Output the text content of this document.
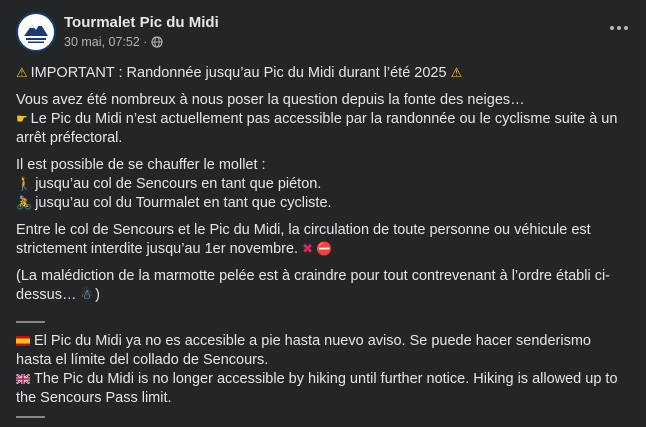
Tourmalet Pic du Midi
30 mai, 07:52
·

⚠ IMPORTANT : Randonnée jusqu’au Pic du Midi durant l’été 2025 ⚠

Vous avez été nombreux à nous poser la question depuis la fonte des neiges…
☛ Le Pic du Midi n’est actuellement pas accessible par la randonnée ou le cyclisme suite à un arrêt préfectoral.

Il est possible de se chauffer le mollet :
🚶 jusqu’au col de Sencours en tant que piéton.
🚴 jusqu’au col du Tourmalet en tant que cycliste.

Entre le col de Sencours et le Pic du Midi, la circulation de toute personne ou véhicule est strictement interdite jusqu’au 1er novembre. ✖ ⛔

(La malédiction de la marmotte pelée est à craindre pour tout contrevenant à l’ordre établi ci-dessus… ☃ )

——
El Pic du Midi ya no es accesible a pie hasta nuevo aviso. Se puede hacer senderismo hasta el límite del collado de Sencours.
The Pic du Midi is no longer accessible by hiking until further notice. Hiking is allowed up to the Sencours Pass limit.
——
